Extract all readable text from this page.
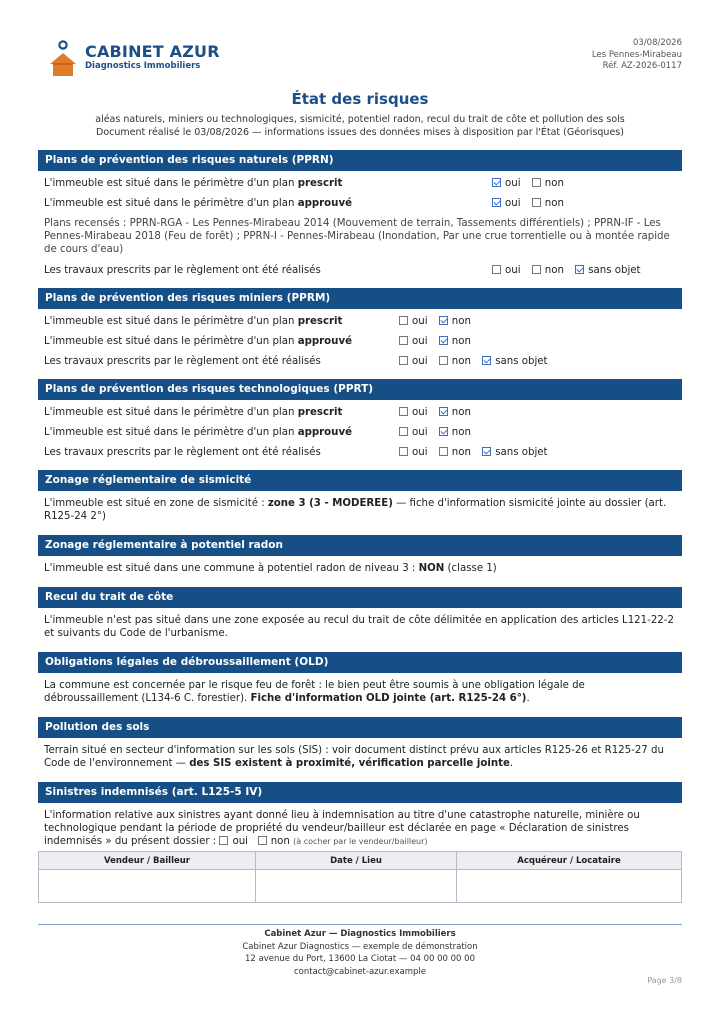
CABINET AZUR
Diagnostics Immobiliers
03/08/2026
Les Pennes-Mirabeau
Réf. AZ-2026-0117
État des risques
aléas naturels, miniers ou technologiques, sismicité, potentiel radon, recul du trait de côte et pollution des sols
Document réalisé le 03/08/2026 — informations issues des données mises à disposition par l'État (Géorisques)
Plans de prévention des risques naturels (PPRN)
L'immeuble est situé dans le périmètre d'un plan prescrit	oui non
L'immeuble est situé dans le périmètre d'un plan approuvé	oui non
Plans recensés : PPRN-RGA - Les Pennes-Mirabeau 2014 (Mouvement de terrain, Tassements différentiels) ; PPRN-IF - Les Pennes-Mirabeau 2018 (Feu de forêt) ; PPRN-I - Pennes-Mirabeau (Inondation, Par une crue torrentielle ou à montée rapide de cours d'eau)
Les travaux prescrits par le règlement ont été réalisés	oui non sans objet
Plans de prévention des risques miniers (PPRM)
L'immeuble est situé dans le périmètre d'un plan prescrit	oui non
L'immeuble est situé dans le périmètre d'un plan approuvé	oui non
Les travaux prescrits par le règlement ont été réalisés	oui non sans objet
Plans de prévention des risques technologiques (PPRT)
L'immeuble est situé dans le périmètre d'un plan prescrit	oui non
L'immeuble est situé dans le périmètre d'un plan approuvé	oui non
Les travaux prescrits par le règlement ont été réalisés	oui non sans objet
Zonage réglementaire de sismicité
L'immeuble est situé en zone de sismicité : zone 3 (3 - MODEREE) — fiche d'information sismicité jointe au dossier (art. R125-24 2°)
Zonage réglementaire à potentiel radon
L'immeuble est situé dans une commune à potentiel radon de niveau 3 : NON (classe 1)
Recul du trait de côte
L'immeuble n'est pas situé dans une zone exposée au recul du trait de côte délimitée en application des articles L121-22-2 et suivants du Code de l'urbanisme.
Obligations légales de débroussaillement (OLD)
La commune est concernée par le risque feu de forêt : le bien peut être soumis à une obligation légale de débroussaillement (L134-6 C. forestier). Fiche d'information OLD jointe (art. R125-24 6°).
Pollution des sols
Terrain situé en secteur d'information sur les sols (SIS) : voir document distinct prévu aux articles R125-26 et R125-27 du Code de l'environnement — des SIS existent à proximité, vérification parcelle jointe.
Sinistres indemnisés (art. L125-5 IV)
L'information relative aux sinistres ayant donné lieu à indemnisation au titre d'une catastrophe naturelle, minière ou technologique pendant la période de propriété du vendeur/bailleur est déclarée en page « Déclaration de sinistres indemnisés » du présent dossier : oui non (à cocher par le vendeur/bailleur)
Vendeur / Bailleur	Date / Lieu	Acquéreur / Locataire

Cabinet Azur — Diagnostics Immobiliers
Cabinet Azur Diagnostics — exemple de démonstration
12 avenue du Port, 13600 La Ciotat — 04 00 00 00 00
contact@cabinet-azur.example
Page 3/8
